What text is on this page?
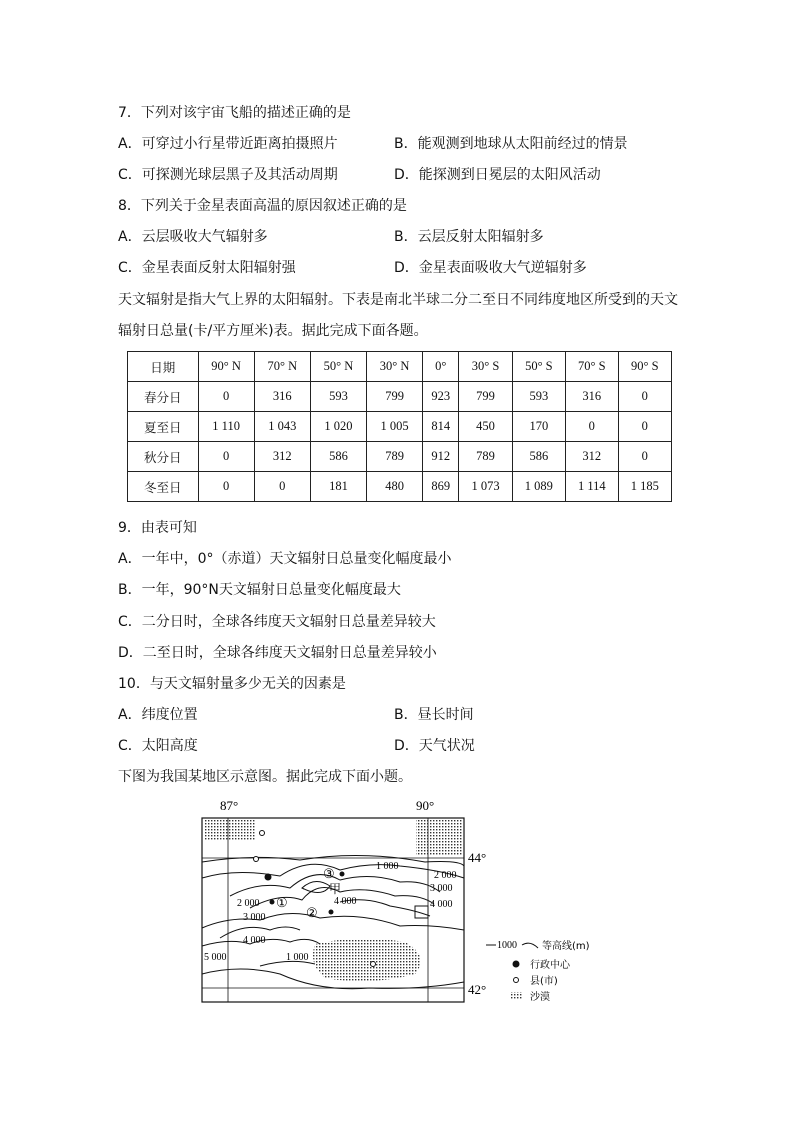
7．下列对该宇宙飞船的描述正确的是
A．可穿过小行星带近距离拍摄照片	B．能观测到地球从太阳前经过的情景
C．可探测光球层黑子及其活动周期	D．能探测到日冕层的太阳风活动
8．下列关于金星表面高温的原因叙述正确的是
A．云层吸收大气辐射多	B．云层反射太阳辐射多
C．金星表面反射太阳辐射强	D．金星表面吸收大气逆辐射多
天文辐射是指大气上界的太阳辐射。下表是南北半球二分二至日不同纬度地区所受到的天文
辐射日总量(卡/平方厘米)表。据此完成下面各题。
日期	90° N	70° N	50° N	30° N	0°	30° S	50° S	70° S	90° S
春分日	0	316	593	799	923	799	593	316	0
夏至日	1 110	1 043	1 020	1 005	814	450	170	0	0
秋分日	0	312	586	789	912	789	586	312	0
冬至日	0	0	181	480	869	1 073	1 089	1 114	1 185
9．由表可知
A．一年中，0°（赤道）天文辐射日总量变化幅度最小
B．一年，90°N天文辐射日总量变化幅度最大
C．二分日时，全球各纬度天文辐射日总量差异较大
D．二至日时，全球各纬度天文辐射日总量差异较小
10．与天文辐射量多少无关的因素是
A．纬度位置	B．昼长时间
C．太阳高度	D．天气状况
下图为我国某地区示意图。据此完成下面小题。
87°	90°
1 000
2 000
3 000
4 000
2 000
3 000
4 000
5 000	1 000
4 000
①
②
③
甲
44°
42°
1000	等高线(m)
行政中心
县(市)
沙漠
